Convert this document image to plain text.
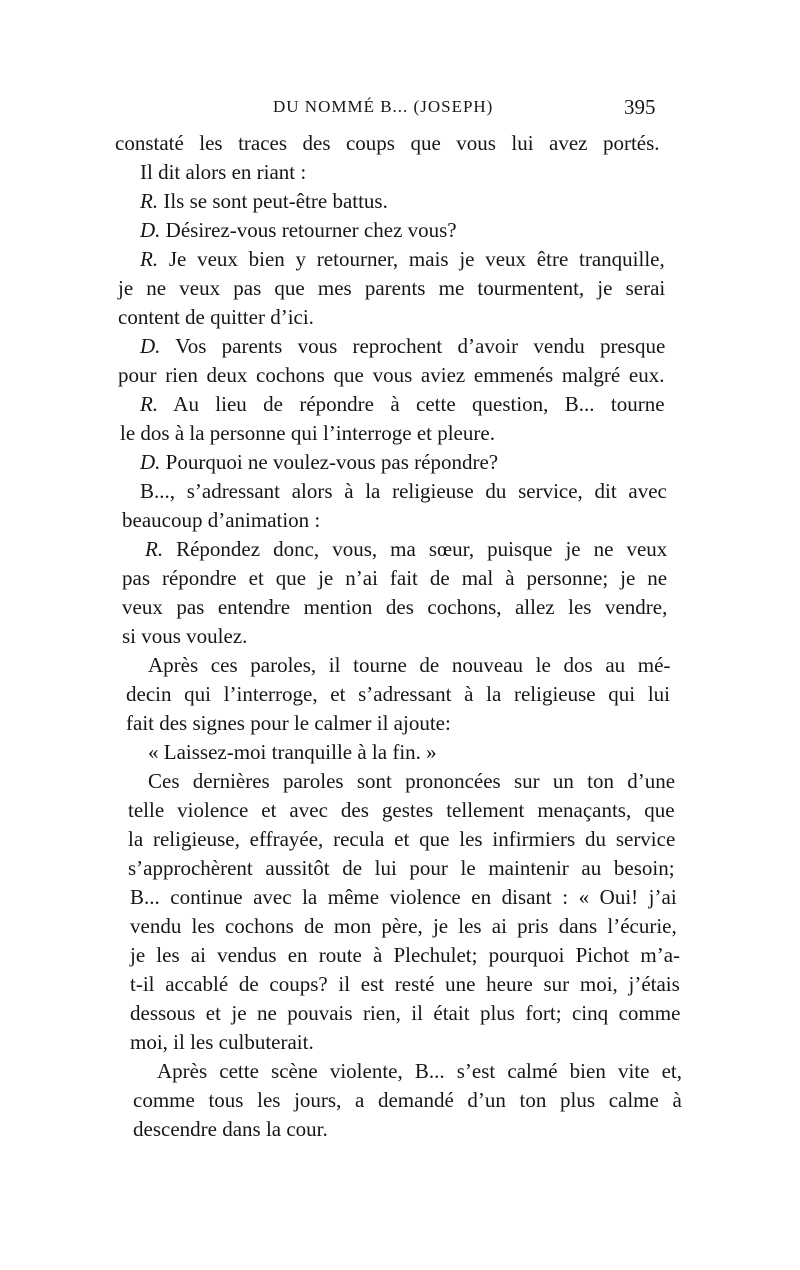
DU NOMMÉ B... (JOSEPH)	395
constaté les traces des coups que vous lui avez portés.
Il dit alors en riant :
R. Ils se sont peut-être battus.
D. Désirez-vous retourner chez vous?
R. Je veux bien y retourner, mais je veux être tranquille,
je ne veux pas que mes parents me tourmentent, je serai
content de quitter d’ici.
D. Vos parents vous reprochent d’avoir vendu presque
pour rien deux cochons que vous aviez emmenés malgré eux.
R. Au lieu de répondre à cette question, B... tourne
le dos à la personne qui l’interroge et pleure.
D. Pourquoi ne voulez-vous pas répondre?
B..., s’adressant alors à la religieuse du service, dit avec
beaucoup d’animation :
R. Répondez donc, vous, ma sœur, puisque je ne veux
pas répondre et que je n’ai fait de mal à personne; je ne
veux pas entendre mention des cochons, allez les vendre,
si vous voulez.
Après ces paroles, il tourne de nouveau le dos au mé-
decin qui l’interroge, et s’adressant à la religieuse qui lui
fait des signes pour le calmer il ajoute:
« Laissez-moi tranquille à la fin. »
Ces dernières paroles sont prononcées sur un ton d’une
telle violence et avec des gestes tellement menaçants, que
la religieuse, effrayée, recula et que les infirmiers du service
s’approchèrent aussitôt de lui pour le maintenir au besoin;
B... continue avec la même violence en disant : « Oui! j’ai
vendu les cochons de mon père, je les ai pris dans l’écurie,
je les ai vendus en route à Plechulet; pourquoi Pichot m’a-
t-il accablé de coups? il est resté une heure sur moi, j’étais
dessous et je ne pouvais rien, il était plus fort; cinq comme
moi, il les culbuterait.
Après cette scène violente, B... s’est calmé bien vite et,
comme tous les jours, a demandé d’un ton plus calme à
descendre dans la cour.
